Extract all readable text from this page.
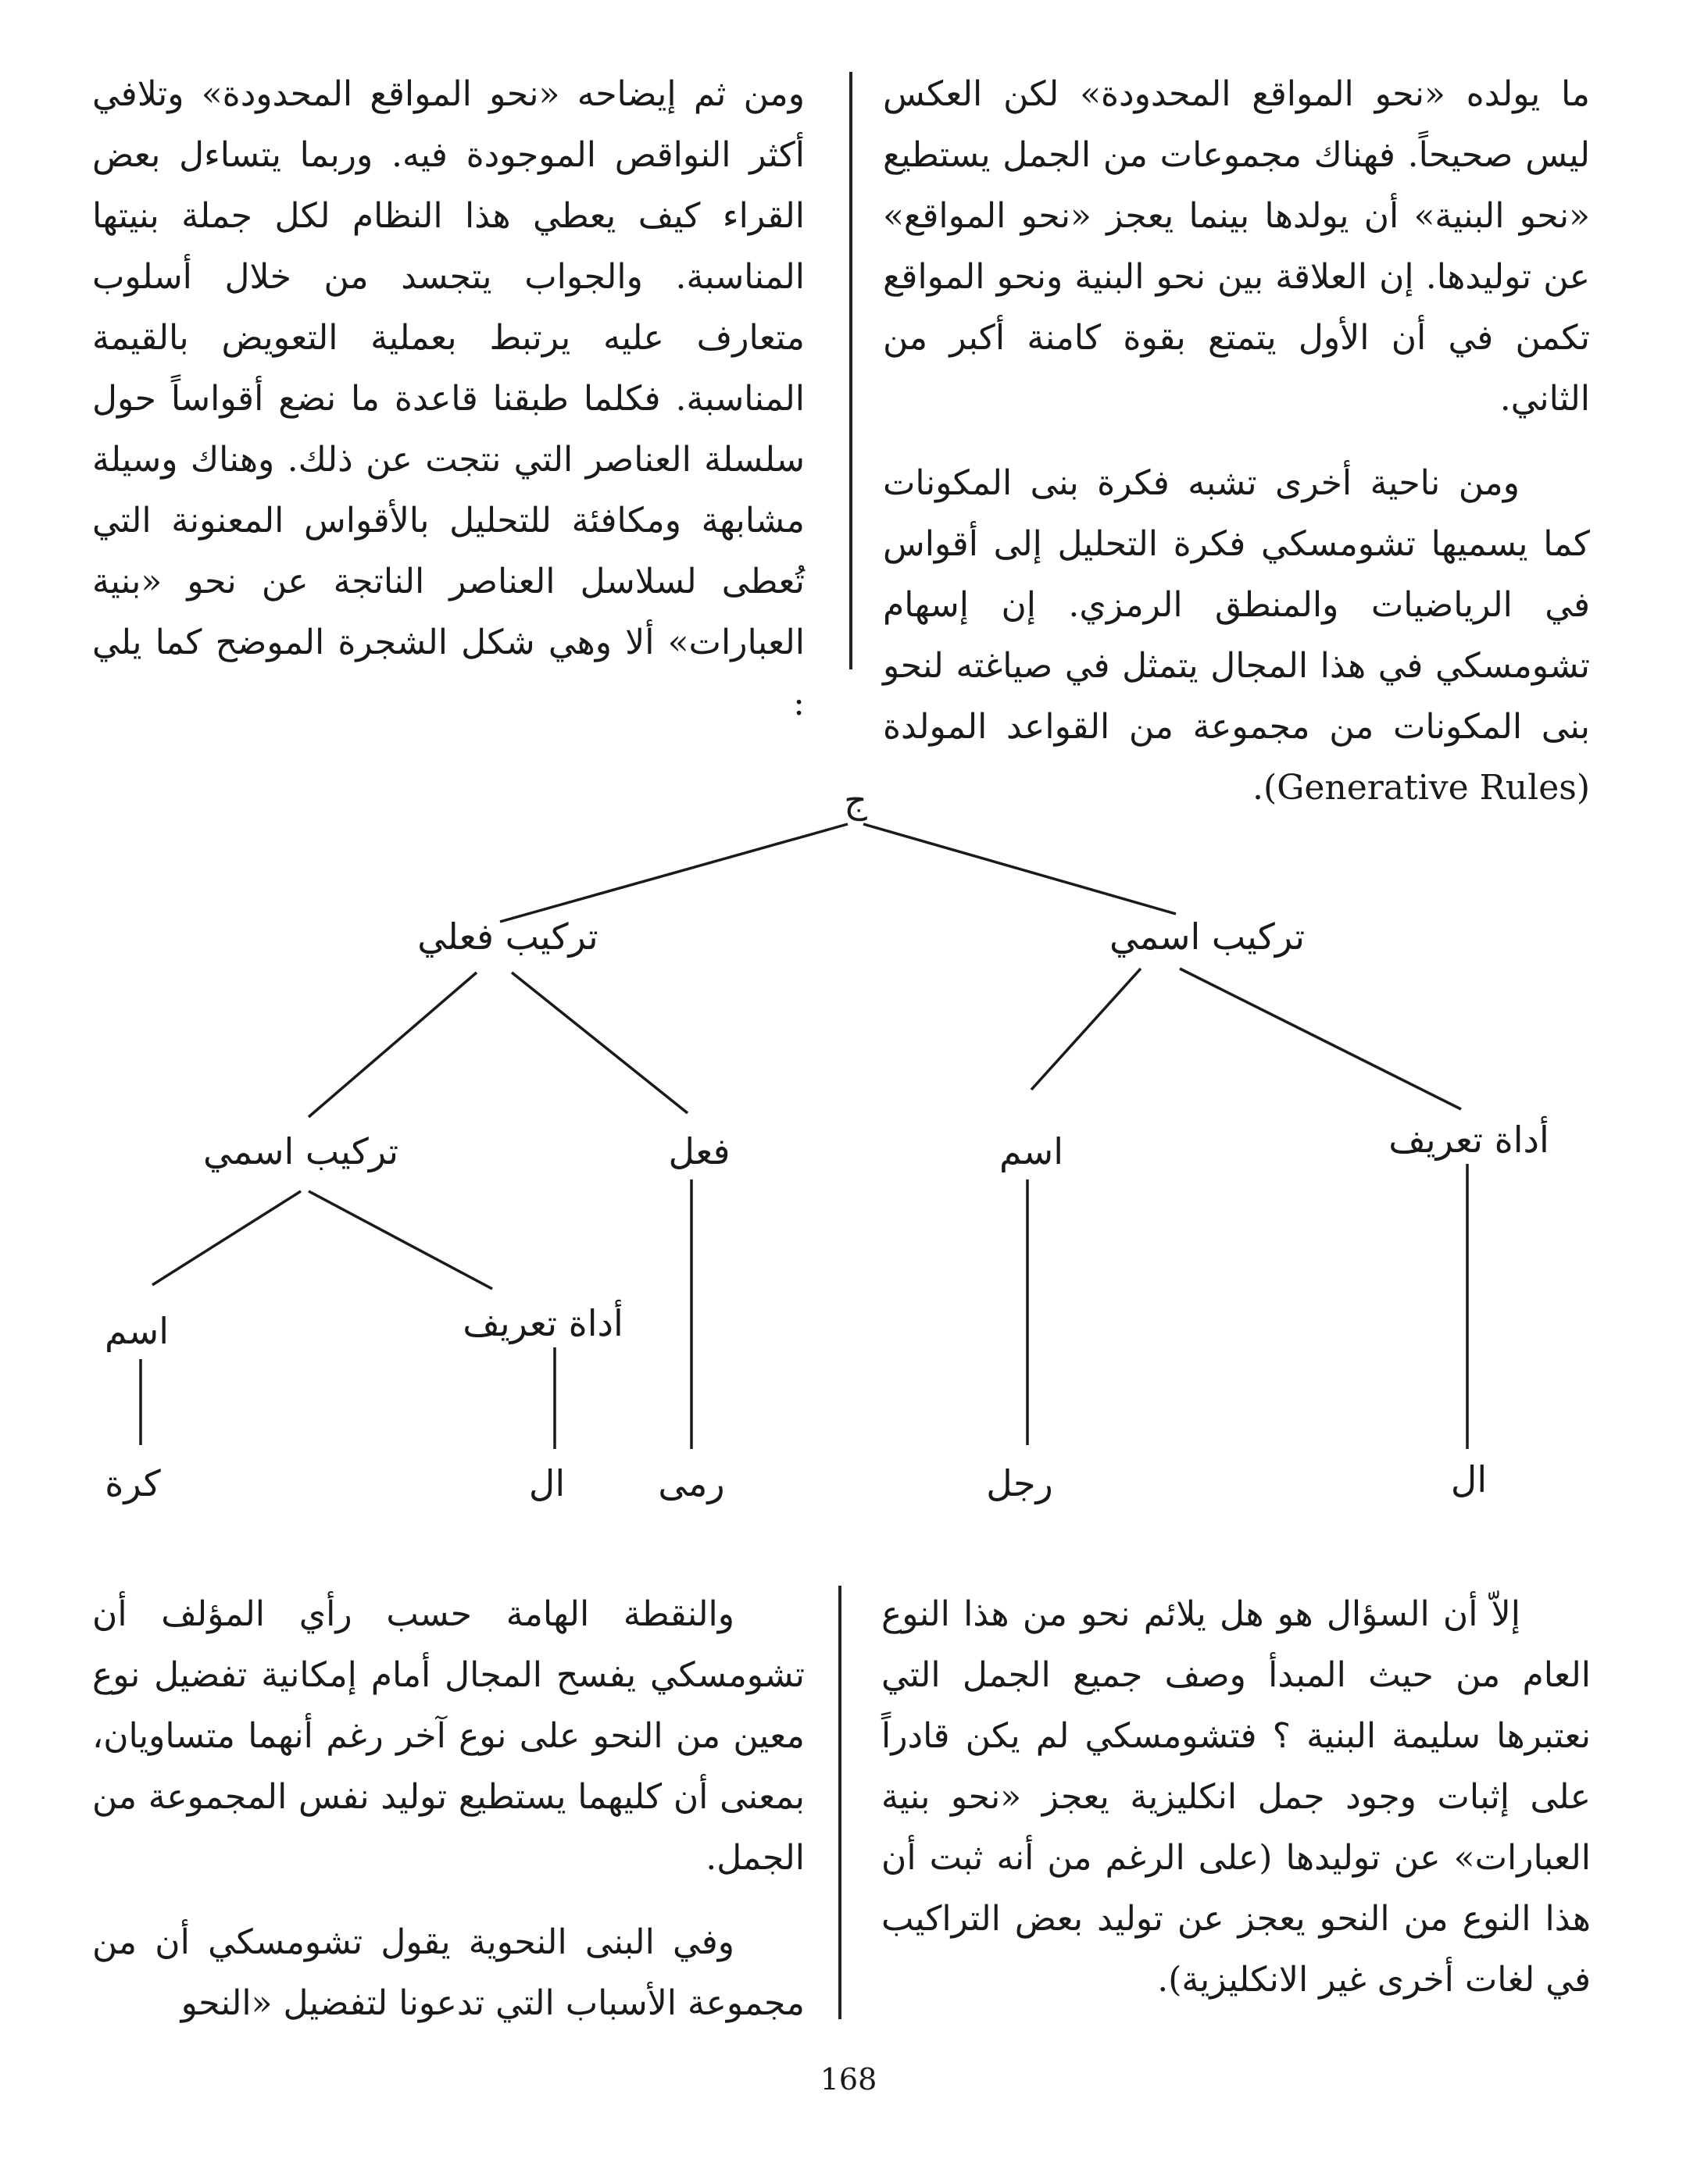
ما يولده «نحو المواقع المحدودة» لكن العكس ليس صحيحاً. فهناك مجموعات من الجمل يستطيع «نحو البنية» أن يولدها بينما يعجز «نحو المواقع» عن توليدها. إن العلاقة بين نحو البنية ونحو المواقع تكمن في أن الأول يتمتع بقوة كامنة أكبر من الثاني.

ومن ناحية أخرى تشبه فكرة بنى المكونات كما يسميها تشومسكي فكرة التحليل إلى أقواس في الرياضيات والمنطق الرمزي. إن إسهام تشومسكي في هذا المجال يتمثل في صياغته لنحو بنى المكونات من مجموعة من القواعد المولدة (Generative Rules).

ومن ثم إيضاحه «نحو المواقع المحدودة» وتلافي أكثر النواقص الموجودة فيه. وربما يتساءل بعض القراء كيف يعطي هذا النظام لكل جملة بنيتها المناسبة. والجواب يتجسد من خلال أسلوب متعارف عليه يرتبط بعملية التعويض بالقيمة المناسبة. فكلما طبقنا قاعدة ما نضع أقواساً حول سلسلة العناصر التي نتجت عن ذلك. وهناك وسيلة مشابهة ومكافئة للتحليل بالأقواس المعنونة التي تُعطى لسلاسل العناصر الناتجة عن نحو «بنية العبارات» ألا وهي شكل الشجرة الموضح كما يلي :

ج
تركيب اسمي
تركيب فعلي
أداة تعريف
اسم
فعل
تركيب اسمي
أداة تعريف
اسم
ال
رجل
رمى
ال
كرة

إلاّ أن السؤال هو هل يلائم نحو من هذا النوع العام من حيث المبدأ وصف جميع الجمل التي نعتبرها سليمة البنية ؟ فتشومسكي لم يكن قادراً على إثبات وجود جمل انكليزية يعجز «نحو بنية العبارات» عن توليدها (على الرغم من أنه ثبت أن هذا النوع من النحو يعجز عن توليد بعض التراكيب في لغات أخرى غير الانكليزية).

والنقطة الهامة حسب رأي المؤلف أن تشومسكي يفسح المجال أمام إمكانية تفضيل نوع معين من النحو على نوع آخر رغم أنهما متساويان، بمعنى أن كليهما يستطيع توليد نفس المجموعة من الجمل.

وفي البنى النحوية يقول تشومسكي أن من مجموعة الأسباب التي تدعونا لتفضيل «النحو

168
